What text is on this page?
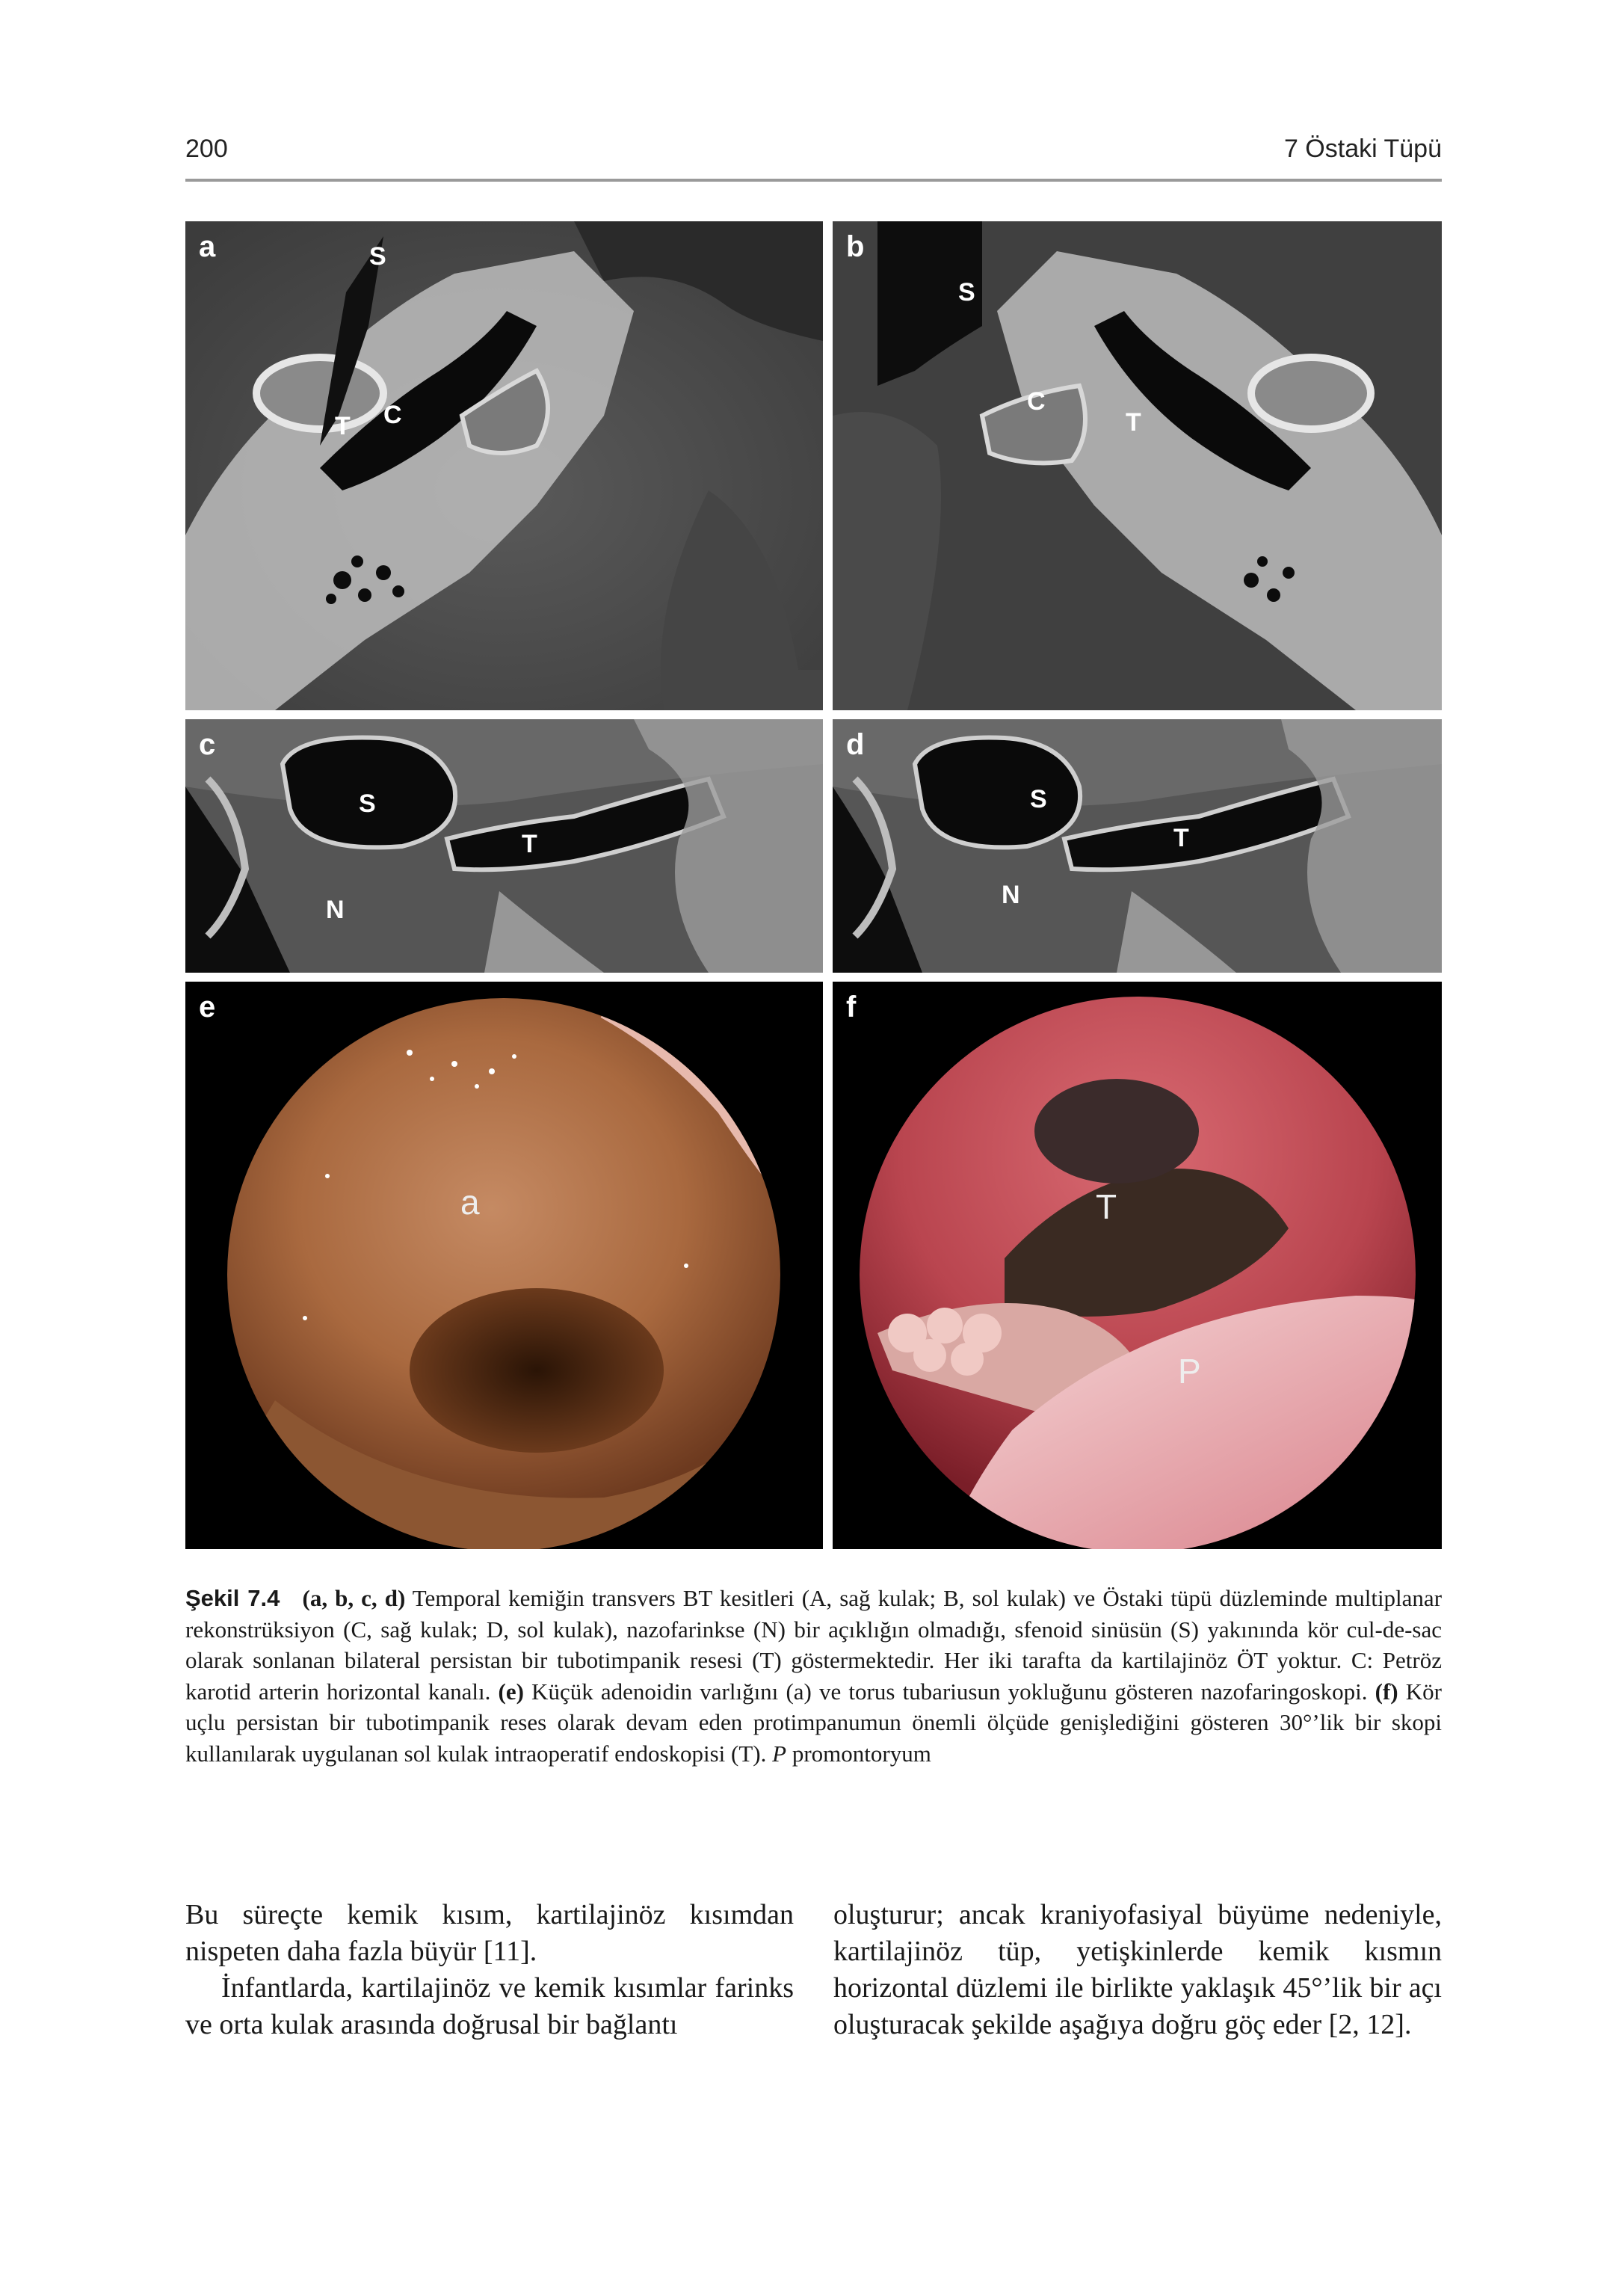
200	7 Östaki Tüpü
a	S
T C
b
S
C
T
c
S
T
N
d
S
T
N
e
a
f
T
P
Şekil 7.4 (a, b, c, d) Temporal kemiğin transvers BT kesitleri (A, sağ kulak; B, sol kulak) ve Östaki tüpü düzleminde multiplanar rekonstrüksiyon (C, sağ kulak; D, sol kulak), nazofarinkse (N) bir açıklığın olmadığı, sfenoid sinüsün (S) yakınında kör cul-de-sac olarak sonlanan bilateral persistan bir tubotimpanik resesi (T) göstermektedir. Her iki tarafta da kartilajinöz ÖT yoktur. C: Petröz karotid arterin horizontal kanalı. (e) Küçük adenoidin varlığını (a) ve torus tubariusun yokluğunu gösteren nazofaringoskopi. (f) Kör uçlu persistan bir tubotimpanik reses olarak devam eden protimpanumun önemli ölçüde genişlediğini gösteren 30°’lik bir skopi kullanılarak uygulanan sol kulak intraoperatif endoskopisi (T). P promontoryum

Bu süreçte kemik kısım, kartilajinöz kısımdan nispeten daha fazla büyür [11].

İnfantlarda, kartilajinöz ve kemik kısımlar farinks ve orta kulak arasında doğrusal bir bağlantı

oluşturur; ancak kraniyofasiyal büyüme nedeniyle, kartilajinöz tüp, yetişkinlerde kemik kısmın horizontal düzlemi ile birlikte yaklaşık 45°’lik bir açı oluşturacak şekilde aşağıya doğru göç eder [2, 12].
